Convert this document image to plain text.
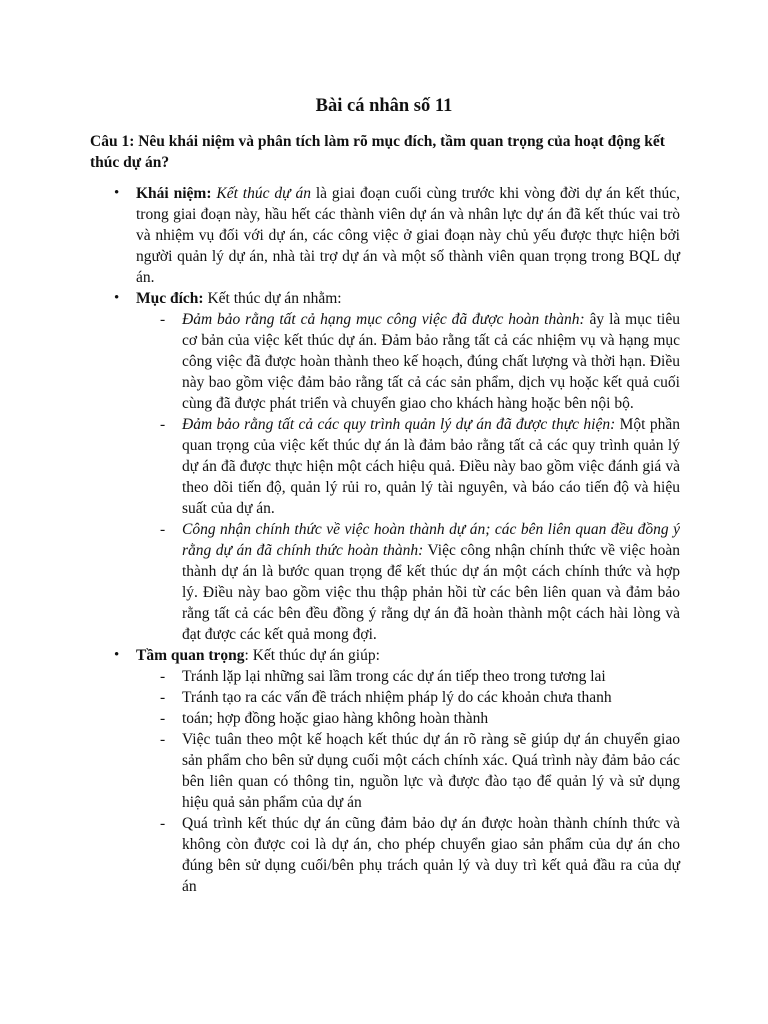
Bài cá nhân số 11
Câu 1: Nêu khái niệm và phân tích làm rõ mục đích, tầm quan trọng của hoạt động kết thúc dự án?
• Khái niệm: Kết thúc dự án là giai đoạn cuối cùng trước khi vòng đời dự án kết thúc, trong giai đoạn này, hầu hết các thành viên dự án và nhân lực dự án đã kết thúc vai trò và nhiệm vụ đối với dự án, các công việc ở giai đoạn này chủ yếu được thực hiện bởi người quản lý dự án, nhà tài trợ dự án và một số thành viên quan trọng trong BQL dự án.
• Mục đích: Kết thúc dự án nhằm:
- Đảm bảo rằng tất cả hạng mục công việc đã được hoàn thành: ây là mục tiêu cơ bản của việc kết thúc dự án. Đảm bảo rằng tất cả các nhiệm vụ và hạng mục công việc đã được hoàn thành theo kế hoạch, đúng chất lượng và thời hạn. Điều này bao gồm việc đảm bảo rằng tất cả các sản phẩm, dịch vụ hoặc kết quả cuối cùng đã được phát triển và chuyển giao cho khách hàng hoặc bên nội bộ.
- Đảm bảo rằng tất cả các quy trình quản lý dự án đã được thực hiện: Một phần quan trọng của việc kết thúc dự án là đảm bảo rằng tất cả các quy trình quản lý dự án đã được thực hiện một cách hiệu quả. Điều này bao gồm việc đánh giá và theo dõi tiến độ, quản lý rủi ro, quản lý tài nguyên, và báo cáo tiến độ và hiệu suất của dự án.
- Công nhận chính thức về việc hoàn thành dự án; các bên liên quan đều đồng ý rằng dự án đã chính thức hoàn thành: Việc công nhận chính thức về việc hoàn thành dự án là bước quan trọng để kết thúc dự án một cách chính thức và hợp lý. Điều này bao gồm việc thu thập phản hồi từ các bên liên quan và đảm bảo rằng tất cả các bên đều đồng ý rằng dự án đã hoàn thành một cách hài lòng và đạt được các kết quả mong đợi.
• Tầm quan trọng: Kết thúc dự án giúp:
- Tránh lặp lại những sai lầm trong các dự án tiếp theo trong tương lai
- Tránh tạo ra các vấn đề trách nhiệm pháp lý do các khoản chưa thanh
- toán; hợp đồng hoặc giao hàng không hoàn thành
- Việc tuân theo một kế hoạch kết thúc dự án rõ ràng sẽ giúp dự án chuyển giao sản phẩm cho bên sử dụng cuối một cách chính xác. Quá trình này đảm bảo các bên liên quan có thông tin, nguồn lực và được đào tạo để quản lý và sử dụng hiệu quả sản phẩm của dự án
- Quá trình kết thúc dự án cũng đảm bảo dự án được hoàn thành chính thức và không còn được coi là dự án, cho phép chuyển giao sản phẩm của dự án cho đúng bên sử dụng cuối/bên phụ trách quản lý và duy trì kết quả đầu ra của dự án
